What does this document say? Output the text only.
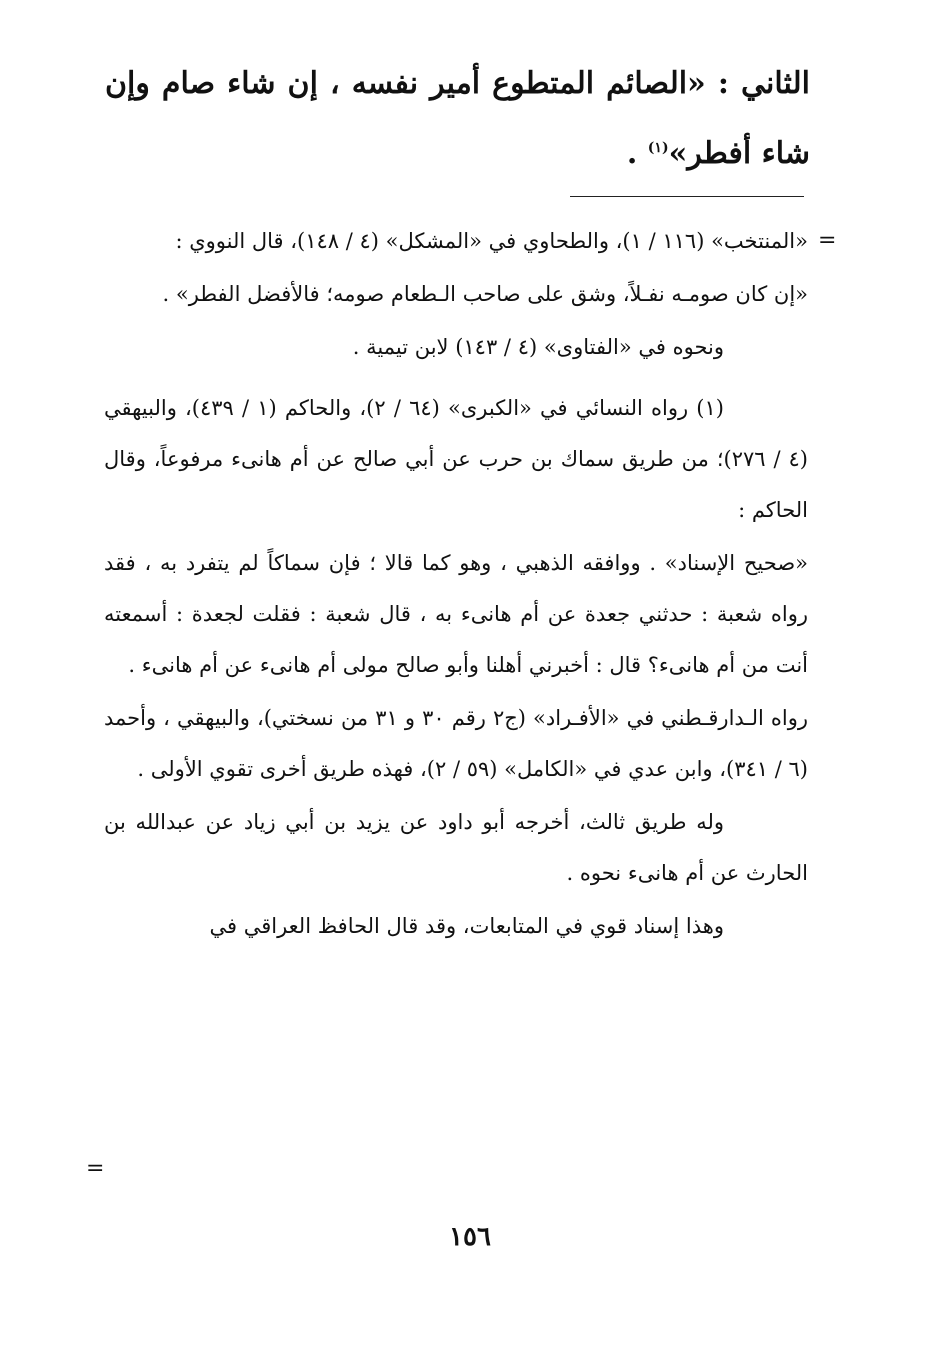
الثاني : «الصائم المتطوع أمير نفسه ، إن شاء صام وإن شاء أفطر»$^{(١)}$ .
=

«المنتخب» (١١٦ / ١)، والطحاوي في «المشكل» (٤ / ١٤٨)، قال النووي :

«إن كان صومـه نفـلاً، وشق على صاحب الـطعام صومه؛ فالأفضل الفطر» .

ونحوه في «الفتاوى» (٤ / ١٤٣) لابن تيمية .

(١) رواه النسائي في «الكبرى» (٦٤ / ٢)، والحاكم (١ / ٤٣٩)، والبيهقي (٤ / ٢٧٦)؛ من طريق سماك بن حرب عن أبي صالح عن أم هانىء مرفوعاً، وقال الحاكم :

«صحيح الإسناد» . ووافقه الذهبي ، وهو كما قالا ؛ فإن سماكاً لم يتفرد به ، فقد رواه شعبة : حدثني جعدة عن أم هانىء به ، قال شعبة : فقلت لجعدة : أسمعته أنت من أم هانىء؟ قال : أخبرني أهلنا وأبو صالح مولى أم هانىء عن أم هانىء .

رواه الـدارقـطني في «الأفـراد» (ج٢ رقم ٣٠ و ٣١ من نسختي)، والبيهقي ، وأحمد (٦ / ٣٤١)، وابن عدي في «الكامل» (٥٩ / ٢)، فهذه طريق أخرى تقوي الأولى .

وله طريق ثالث، أخرجه أبو داود عن يزيد بن أبي زياد عن عبدالله بن الحارث عن أم هانىء نحوه .

وهذا إسناد قوي في المتابعات، وقد قال الحافظ العراقي في

=
١٥٦
